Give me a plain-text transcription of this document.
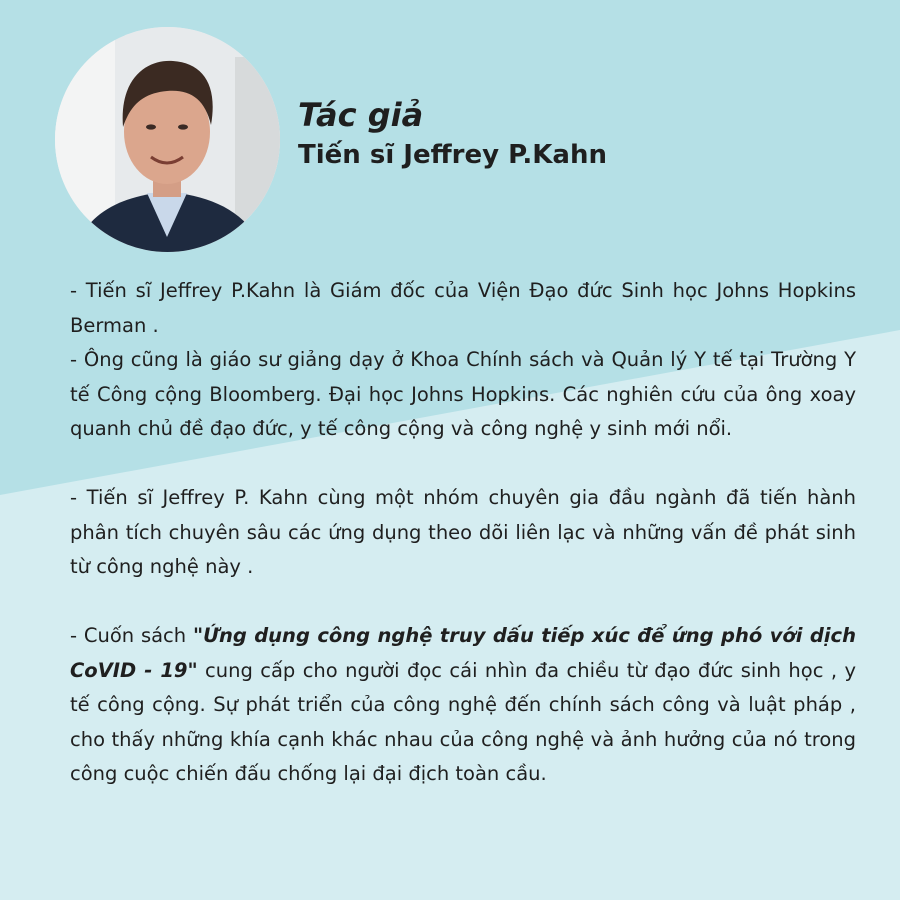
Tác giả

Tiến sĩ Jeffrey P.Kahn

- Tiến sĩ Jeffrey P.Kahn là Giám đốc của Viện Đạo đức Sinh học Johns Hopkins Berman .

- Ông cũng là giáo sư giảng dạy ở Khoa Chính sách và Quản lý Y tế tại Trường Y tế Công cộng Bloomberg. Đại học Johns Hopkins. Các nghiên cứu của ông xoay quanh chủ đề đạo đức, y tế công cộng và công nghệ y sinh mới nổi.

- Tiến sĩ Jeffrey P. Kahn cùng một nhóm chuyên gia đầu ngành đã tiến hành phân tích chuyên sâu các ứng dụng theo dõi liên lạc và những vấn đề phát sinh từ công nghệ này .

- Cuốn sách "Ứng dụng công nghệ truy dấu tiếp xúc để ứng phó với dịch CoVID - 19" cung cấp cho người đọc cái nhìn đa chiều từ đạo đức sinh học , y tế công cộng. Sự phát triển của công nghệ đến chính sách công và luật pháp , cho thấy những khía cạnh khác nhau của công nghệ và ảnh hưởng của nó trong công cuộc chiến đấu chống lại đại địch toàn cầu.
